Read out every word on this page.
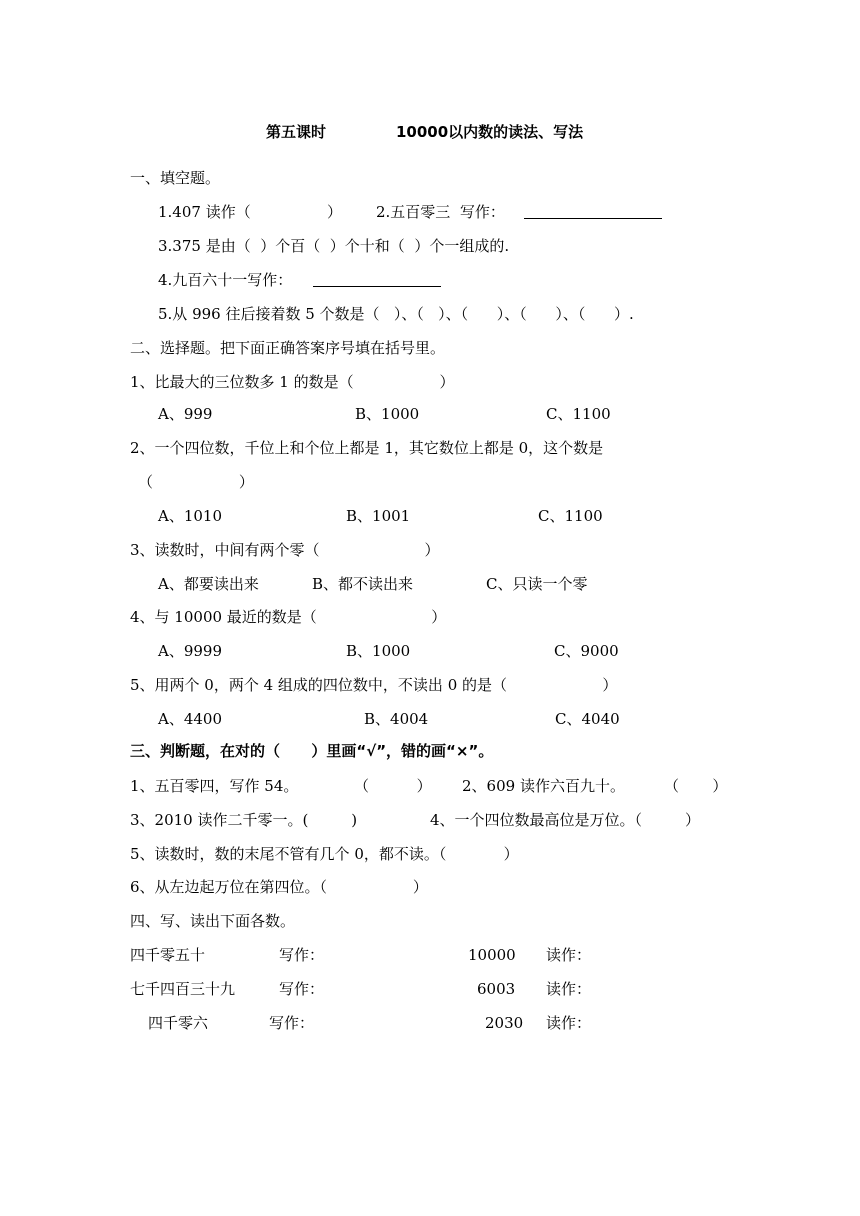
第五课时	10000以内数的读法、写法
一、填空题。
1.407 读作（                ） 2.五百零三  写作：
3.375 是由（  ）个百（  ）个十和（  ）个一组成的.
4.九百六十一写作：
5.从 996 往后接着数 5 个数是（   ）、（   ）、（      ）、（      ）、（      ）.
二、选择题。把下面正确答案序号填在括号里。
1、比最大的三位数多 1 的数是（                  ）
A、999	B、1000	C、1100
2、一个四位数，千位上和个位上都是 1，其它数位上都是 0，这个数是
（                  ）
A、1010	B、1001	C、1100
3、读数时，中间有两个零（                      ）
A、都要读出来	B、都不读出来	C、只读一个零
4、与 10000 最近的数是（                        ）
A、9999	B、1000	C、9000
5、用两个 0，两个 4 组成的四位数中，不读出 0 的是（                    ）
A、4400	B、4004	C、4040
三、判断题，在对的（      ）里画“√”，错的画“×”。
1、五百零四，写作 54。	（          ） 2、609 读作六百九十。	（       ）
3、2010 读作二千零一。(         )	4、一个四位数最高位是万位。（         ）
5、读数时，数的末尾不管有几个 0，都不读。（            ）
6、从左边起万位在第四位。（                  ）
四、写、读出下面各数。
四千零五十	写作：	10000 读作：
七千四百三十九	写作：	6003 读作：
四千零六	写作：	2030 读作：
